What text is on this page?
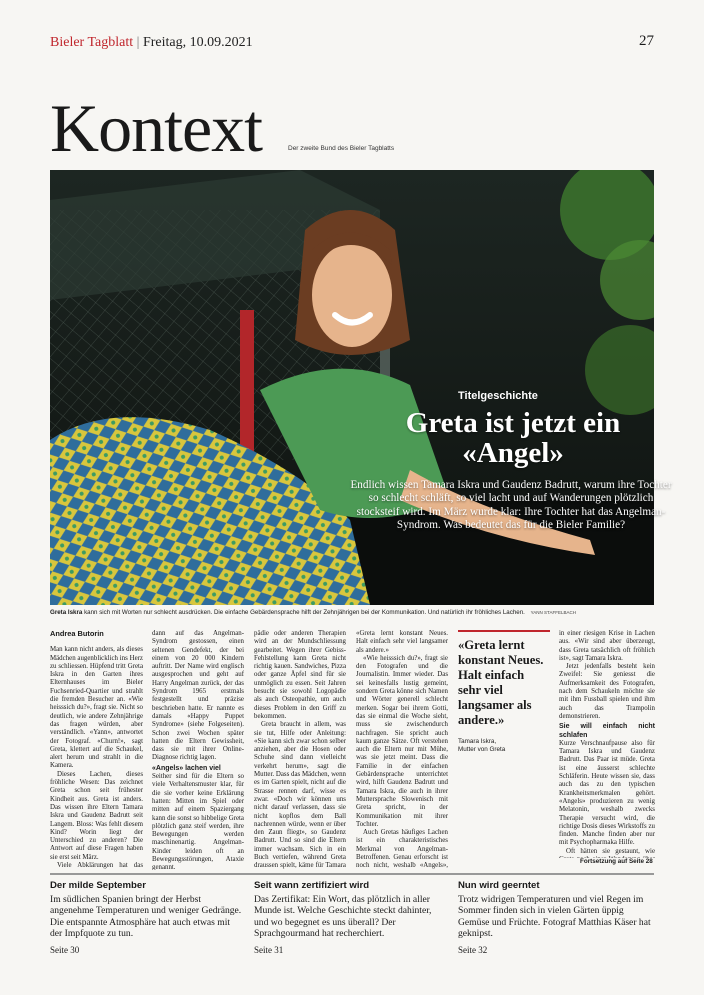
Bieler Tagblatt | Freitag, 10.09.2021	27
Kontext	Der zweite Bund des Bieler Tagblatts
Titelgeschichte
Greta ist jetzt ein «Angel»
Endlich wissen Tamara Iskra und Gaudenz Badrutt, warum ihre Tochter so schlecht schläft, so viel lacht und auf Wanderungen plötzlich stocksteif wird. Im März wurde klar: Ihre Tochter hat das Angelman-Syndrom. Was bedeutet das für die Bieler Familie?
Greta Iskra kann sich mit Worten nur schlecht ausdrücken. Die einfache Gebärdensprache hilft der Zehnjährigen bei der Kommunikation. Und natürlich ihr fröhliches Lachen. YANN STAFFELBACH
Andrea Butorin

Man kann nicht anders, als dieses Mädchen augenblicklich ins Herz zu schliessen. Hüpfend tritt Greta Iskra in den Garten ihres Elternhauses im Bieler Fuchsenried-Quartier und strahlt die fremden Besucher an. «Wie heisssich du?», fragt sie. Nicht so deutlich, wie andere Zehnjährige das fragen würden, aber verständlich. «Yann», antwortet der Fotograf. «Churn!», sagt Greta, klettert auf die Schaukel, alert herum und strahlt in die Kamera.

Dieses Lachen, dieses fröhliche Wesen: Das zeichnet Greta schon seit frühester Kindheit aus. Greta ist anders. Das wissen ihre Eltern Tamara Iskra und Gaudenz Badrutt seit Langem. Bloss: Was fehlt diesem Kind? Worin liegt der Unterschied zu anderen? Die Antwort auf diese Fragen haben sie erst seit März.

Viele Abklärungen hat das

dann auf das Angelman-Syndrom gestossen, einen seltenen Gendefekt, der bei einem von 20 000 Kindern auftritt. Der Name wird englisch ausgesprochen und geht auf Harry Angelman zurück, der das Syndrom 1965 erstmals festgestellt und präzise beschrieben hatte. Er nannte es damals «Happy Puppet Syndrome» (siehe Folgeseiten). Schon zwei Wochen später hatten die Eltern Gewissheit, dass sie mit ihrer Online-Diagnose richtig lagen.

«Angels» lachen viel

Seither sind für die Eltern so viele Verhaltensmuster klar, für die sie vorher keine Erklärung hatten: Mitten im Spiel oder mitten auf einem Spaziergang kann die sonst so hibbelige Greta plötzlich ganz steif werden, ihre Bewegungen werden maschinenartig. Angelman-Kinder leiden oft an Bewegungsstörungen, Ataxie genannt.

pädie oder anderen Therapien wird an der Mundschliessung gearbeitet. Wegen ihrer Gebiss-Fehlstellung kann Greta nicht richtig kauen. Sandwiches, Pizza oder ganze Äpfel sind für sie unmöglich zu essen. Seit Jahren besucht sie sowohl Logopädie als auch Osteopathie, um auch dieses Problem in den Griff zu bekommen.

Greta braucht in allem, was sie tut, Hilfe oder Anleitung: «Sie kann sich zwar schon selber anziehen, aber die Hosen oder Schuhe sind dann vielleicht verkehrt herum», sagt die Mutter. Dass das Mädchen, wenn es im Garten spielt, nicht auf die Strasse rennen darf, wisse es zwar. «Doch wir können uns nicht darauf verlassen, dass sie nicht kopflos dem Ball nachrennen würde, wenn er über den Zaun fliegt», so Gaudenz Badrutt. Und so sind die Eltern immer wachsam. Sich in ein Buch vertiefen, während Greta draussen spielt, käme für Tamara

«Greta lernt konstant Neues. Halt einfach sehr viel langsamer als andere.»

«Wie heisssich du?», fragt sie den Fotografen und die Journalistin. Immer wieder. Das sei keinesfalls lustig gemeint, sondern Greta könne sich Namen und Wörter generell schlecht merken. Sogar bei ihrem Gotti, das sie einmal die Woche sieht, muss sie zwischendurch nachfragen. Sie spricht auch kaum ganze Sätze. Oft verstehen auch die Eltern nur mit Mühe, was sie jetzt meint. Dass die Familie in der einfachen Gebärdensprache unterrichtet wird, hilft Gaudenz Badrutt und Tamara Iskra, die auch in ihrer Muttersprache Slowenisch mit Greta spricht, in der Kommunikation mit ihrer Tochter.

Auch Gretas häufiges Lachen ist ein charakteristisches Merkmal von Angelman-Betroffenen. Genau erforscht ist noch nicht, weshalb «Angels»,

«Greta lernt konstant Neues. Halt einfach sehr viel langsamer als andere.»
Tamara Iskra,
Mutter von Greta

in einer riesigen Krise in Lachen aus. «Wir sind aber überzeugt, dass Greta tatsächlich oft fröhlich ist», sagt Tamara Iskra.

Jetzt jedenfalls besteht kein Zweifel: Sie geniesst die Aufmerksamkeit des Fotografen, nach dem Schaukeln möchte sie mit ihm Fussball spielen und ihm auch das Trampolin demonstrieren.

Sie will einfach nicht schlafen

Kurze Verschnaufpause also für Tamara Iskra und Gaudenz Badrutt. Das Paar ist müde. Greta ist eine äusserst schlechte Schläferin. Heute wissen sie, dass auch das zu den typischen Krankheitsmerkmalen gehört. «Angels» produzieren zu wenig Melatonin, weshalb zwecks Therapie versucht wird, die richtige Dosis dieses Wirkstoffs zu finden. Manche finden aber nur mit Psychopharmaka Hilfe.

Oft hätten sie gestaunt, wie

Fortsetzung auf Seite 28
Der milde September
Im südlichen Spanien bringt der Herbst angenehme Temperaturen und weniger Gedränge. Die entspannte Atmosphäre hat auch etwas mit der Impfquote zu tun.
Seite 30
Seit wann zertifiziert wird
Das Zertifikat: Ein Wort, das plötzlich in aller Munde ist. Welche Geschichte steckt dahinter, und wo begegnet es uns überall? Der Sprachgourmand hat recherchiert.
Seite 31
Nun wird geerntet
Trotz widrigen Temperaturen und viel Regen im Sommer finden sich in vielen Gärten üppig Gemüse und Früchte. Fotograf Matthias Käser hat geknipst.
Seite 32
